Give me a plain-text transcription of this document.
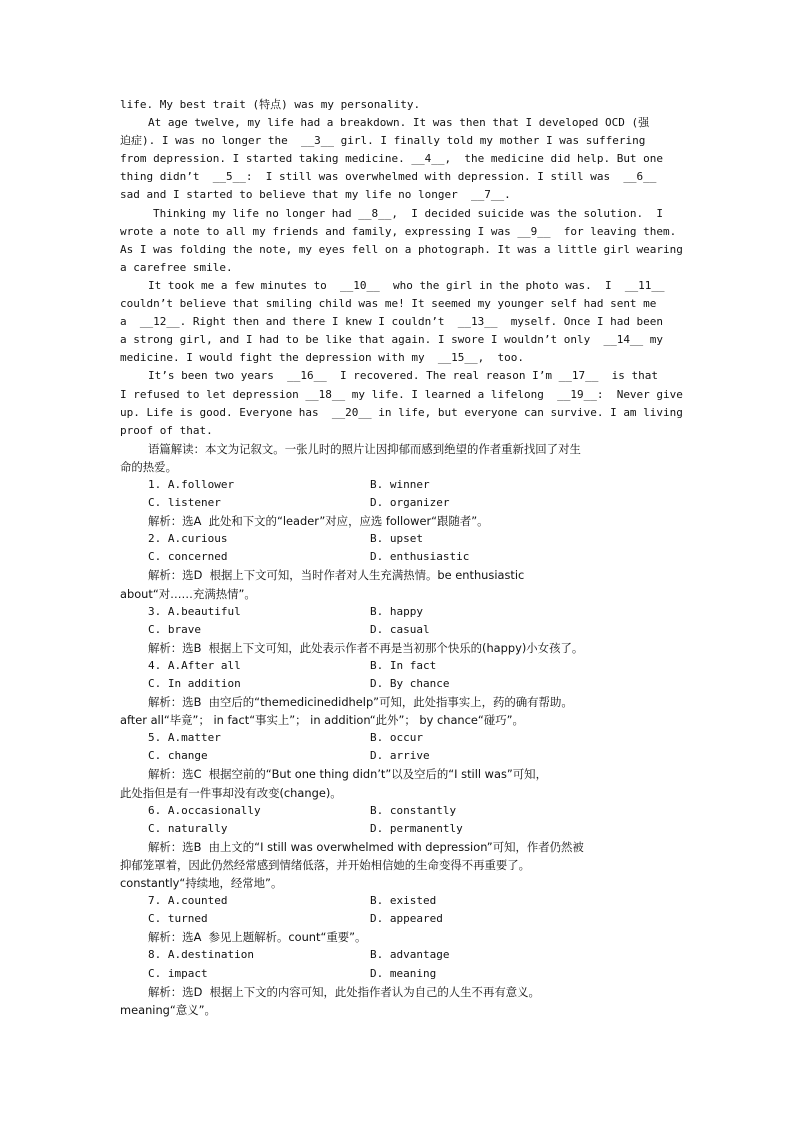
life. My best trait (特点) was my personality.
At age twelve, my life had a breakdown. It was then that I developed OCD (强
迫症). I was no longer the  __3__ girl. I finally told my mother I was suffering
from depression. I started taking medicine. __4__,  the medicine did help. But one
thing didn’t  __5__:  I still was overwhelmed with depression. I still was  __6__
sad and I started to believe that my life no longer  __7__.
Thinking my life no longer had __8__,  I decided suicide was the solution.  I
wrote a note to all my friends and family, expressing I was __9__  for leaving them.
As I was folding the note, my eyes fell on a photograph. It was a little girl wearing
a carefree smile.
It took me a few minutes to  __10__  who the girl in the photo was.  I  __11__
couldn’t believe that smiling child was me! It seemed my younger self had sent me
a  __12__. Right then and there I knew I couldn’t  __13__  myself. Once I had been
a strong girl, and I had to be like that again. I swore I wouldn’t only  __14__ my
medicine. I would fight the depression with my  __15__,  too.
It’s been two years  __16__  I recovered. The real reason I’m __17__  is that
I refused to let depression __18__ my life. I learned a lifelong  __19__:  Never give
up. Life is good. Everyone has  __20__ in life, but everyone can survive. I am living
proof of that.
语篇解读：本文为记叙文。一张儿时的照片让因抑郁而感到绝望的作者重新找回了对生
命的热爱。
1. A.follower	B. winner
C. listener	D. organizer
解析：选A  此处和下文的“leader”对应，应选 follower“跟随者”。
2. A.curious	B. upset
C. concerned	D. enthusiastic
解析：选D  根据上下文可知，当时作者对人生充满热情。be enthusiastic
about“对……充满热情”。
3. A.beautiful	B. happy
C. brave	D. casual
解析：选B  根据上下文可知，此处表示作者不再是当初那个快乐的(happy)小女孩了。
4. A.After all	B. In fact
C. In addition	D. By chance
解析：选B  由空后的“themedicinedidhelp”可知，此处指事实上，药的确有帮助。
after all“毕竟”； in fact“事实上”； in addition“此外”； by chance“碰巧”。
5. A.matter	B. occur
C. change	D. arrive
解析：选C  根据空前的“But one thing didn’t”以及空后的“I still was”可知，
此处指但是有一件事却没有改变(change)。
6. A.occasionally	B. constantly
C. naturally	D. permanently
解析：选B  由上文的“I still was overwhelmed with depression”可知，作者仍然被
抑郁笼罩着，因此仍然经常感到情绪低落，并开始相信她的生命变得不再重要了。
constantly“持续地，经常地”。
7. A.counted	B. existed
C. turned	D. appeared
解析：选A  参见上题解析。count“重要”。
8. A.destination	B. advantage
C. impact	D. meaning
解析：选D  根据上下文的内容可知，此处指作者认为自己的人生不再有意义。
meaning“意义”。
